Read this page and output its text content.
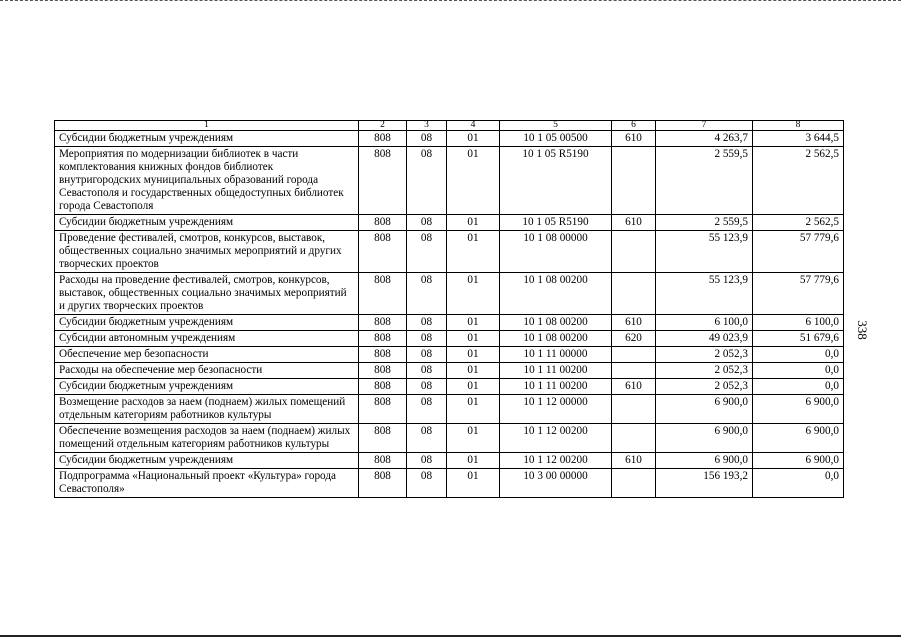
1	2	3	4	5	6	7	8
Субсидии бюджетным учреждениям	808	08	01	10 1 05 00500	610	4 263,7	3 644,5
Мероприятия по модернизации библиотек в части комплектования книжных фондов библиотек внутригородских муниципальных образований города Севастополя и государственных общедоступных библиотек города Севастополя	808	08	01	10 1 05 R5190		2 559,5	2 562,5
Субсидии бюджетным учреждениям	808	08	01	10 1 05 R5190	610	2 559,5	2 562,5
Проведение фестивалей, смотров, конкурсов, выставок, общественных социально значимых мероприятий и других творческих проектов	808	08	01	10 1 08 00000		55 123,9	57 779,6
Расходы на проведение фестивалей, смотров, конкурсов, выставок, общественных социально значимых мероприятий и других творческих проектов	808	08	01	10 1 08 00200		55 123,9	57 779,6
Субсидии бюджетным учреждениям	808	08	01	10 1 08 00200	610	6 100,0	6 100,0
Субсидии автономным учреждениям	808	08	01	10 1 08 00200	620	49 023,9	51 679,6
Обеспечение мер безопасности	808	08	01	10 1 11 00000		2 052,3	0,0
Расходы на обеспечение мер безопасности	808	08	01	10 1 11 00200		2 052,3	0,0
Субсидии бюджетным учреждениям	808	08	01	10 1 11 00200	610	2 052,3	0,0
Возмещение расходов за наем (поднаем) жилых помещений отдельным категориям работников культуры	808	08	01	10 1 12 00000		6 900,0	6 900,0
Обеспечение возмещения расходов за наем (поднаем) жилых помещений отдельным категориям работников культуры	808	08	01	10 1 12 00200		6 900,0	6 900,0
Субсидии бюджетным учреждениям	808	08	01	10 1 12 00200	610	6 900,0	6 900,0
Подпрограмма «Национальный проект «Культура» города Севастополя»	808	08	01	10 3 00 00000		156 193,2	0,0
338
